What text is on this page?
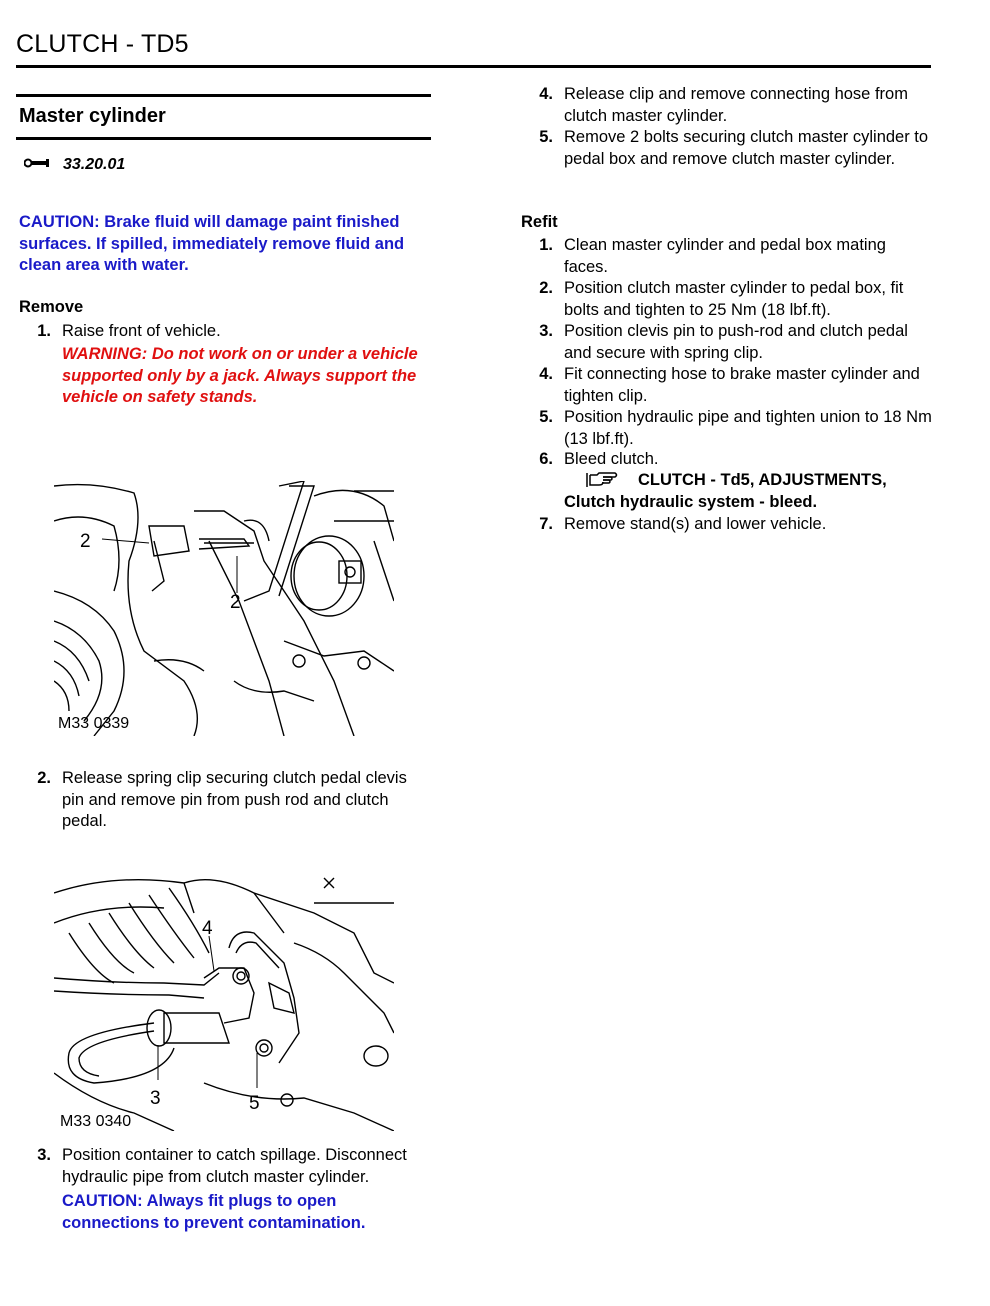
CLUTCH - TD5
Master cylinder
33.20.01
CAUTION: Brake fluid will damage paint finished surfaces. If spilled, immediately remove fluid and clean area with water.
Remove
1. Raise front of vehicle.
WARNING: Do not work on or under a vehicle supported only by a jack. Always support the vehicle on safety stands.
2
2
M33 0339
2. Release spring clip securing clutch pedal clevis pin and remove pin from push rod and clutch pedal.
4
3	5
M33 0340
3. Position container to catch spillage. Disconnect hydraulic pipe from clutch master cylinder.
CAUTION: Always fit plugs to open connections to prevent contamination.
4. Release clip and remove connecting hose from clutch master cylinder.
5. Remove 2 bolts securing clutch master cylinder to pedal box and remove clutch master cylinder.
Refit
1. Clean master cylinder and pedal box mating faces.
2. Position clutch master cylinder to pedal box, fit bolts and tighten to 25 Nm (18 lbf.ft).
3. Position clevis pin to push-rod and clutch pedal and secure with spring clip.
4. Fit connecting hose to brake master cylinder and tighten clip.
5. Position hydraulic pipe and tighten union to 18 Nm (13 lbf.ft).
6. Bleed clutch.
CLUTCH - Td5, ADJUSTMENTS, Clutch hydraulic system - bleed.
7. Remove stand(s) and lower vehicle.
